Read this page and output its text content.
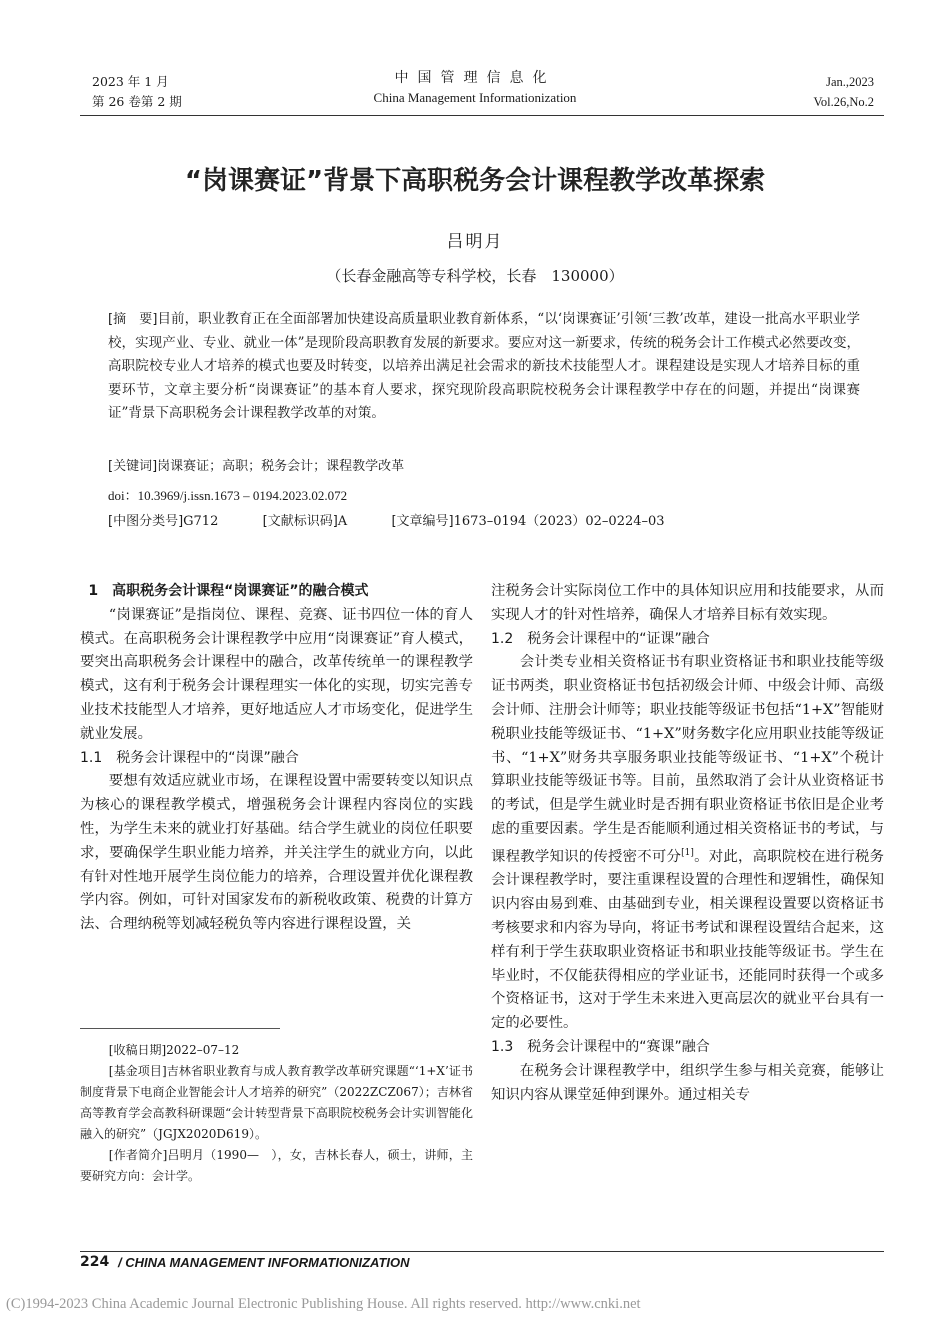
2023 年 1 月
第 26 卷第 2 期
中国管理信息化
China Management Informationization
Jan.,2023
Vol.26,No.2
“岗课赛证”背景下高职税务会计课程教学改革探索
吕明月
（长春金融高等专科学校，长春　130000）
[摘　要]目前，职业教育正在全面部署加快建设高质量职业教育新体系，“以‘岗课赛证’引领‘三教’改革，建设一批高水平职业学校，实现产业、专业、就业一体”是现阶段高职教育发展的新要求。要应对这一新要求，传统的税务会计工作模式必然要改变，高职院校专业人才培养的模式也要及时转变，以培养出满足社会需求的新技术技能型人才。课程建设是实现人才培养目标的重要环节，文章主要分析“岗课赛证”的基本育人要求，探究现阶段高职院校税务会计课程教学中存在的问题，并提出“岗课赛证”背景下高职税务会计课程教学改革的对策。
[关键词]岗课赛证；高职；税务会计；课程教学改革
doi：10.3969/j.issn.1673 – 0194.2023.02.072
[中图分类号]G712	[文献标识码]A	[文章编号]1673–0194（2023）02–0224–03
1　高职税务会计课程“岗课赛证”的融合模式

“岗课赛证”是指岗位、课程、竞赛、证书四位一体的育人模式。在高职税务会计课程教学中应用“岗课赛证”育人模式，要突出高职税务会计课程中的融合，改革传统单一的课程教学模式，这有利于税务会计课程理实一体化的实现，切实完善专业技术技能型人才培养，更好地适应人才市场变化，促进学生就业发展。

1.1　税务会计课程中的“岗课”融合

要想有效适应就业市场，在课程设置中需要转变以知识点为核心的课程教学模式，增强税务会计课程内容岗位的实践性，为学生未来的就业打好基础。结合学生就业的岗位任职要求，要确保学生职业能力培养，并关注学生的就业方向，以此有针对性地开展学生岗位能力的培养，合理设置并优化课程教学内容。例如，可针对国家发布的新税收政策、税费的计算方法、合理纳税等划减轻税负等内容进行课程设置，关

[收稿日期]2022–07–12

[基金项目]吉林省职业教育与成人教育教学改革研究课题“‘1+X’证书制度背景下电商企业智能会计人才培养的研究”（2022ZCZ067）；吉林省高等教育学会高教科研课题“会计转型背景下高职院校税务会计实训智能化融入的研究”（JGJX2020D619）。

[作者简介]吕明月（1990—　），女，吉林长春人，硕士，讲师，主要研究方向：会计学。

注税务会计实际岗位工作中的具体知识应用和技能要求，从而实现人才的针对性培养，确保人才培养目标有效实现。

1.2　税务会计课程中的“证课”融合

会计类专业相关资格证书有职业资格证书和职业技能等级证书两类，职业资格证书包括初级会计师、中级会计师、高级会计师、注册会计师等；职业技能等级证书包括“1+X”智能财税职业技能等级证书、“1+X”财务数字化应用职业技能等级证书、“1+X”财务共享服务职业技能等级证书、“1+X”个税计算职业技能等级证书等。目前，虽然取消了会计从业资格证书的考试，但是学生就业时是否拥有职业资格证书依旧是企业考虑的重要因素。学生是否能顺利通过相关资格证书的考试，与课程教学知识的传授密不可分[1]。对此，高职院校在进行税务会计课程教学时，要注重课程设置的合理性和逻辑性，确保知识内容由易到难、由基础到专业，相关课程设置要以资格证书考核要求和内容为导向，将证书考试和课程设置结合起来，这样有利于学生获取职业资格证书和职业技能等级证书。学生在毕业时，不仅能获得相应的学业证书，还能同时获得一个或多个资格证书，这对于学生未来进入更高层次的就业平台具有一定的必要性。

1.3　税务会计课程中的“赛课”融合

在税务会计课程教学中，组织学生参与相关竞赛，能够让知识内容从课堂延伸到课外。通过相关专

224 / CHINA MANAGEMENT INFORMATIONIZATION
(C)1994-2023 China Academic Journal Electronic Publishing House. All rights reserved. http://www.cnki.net
